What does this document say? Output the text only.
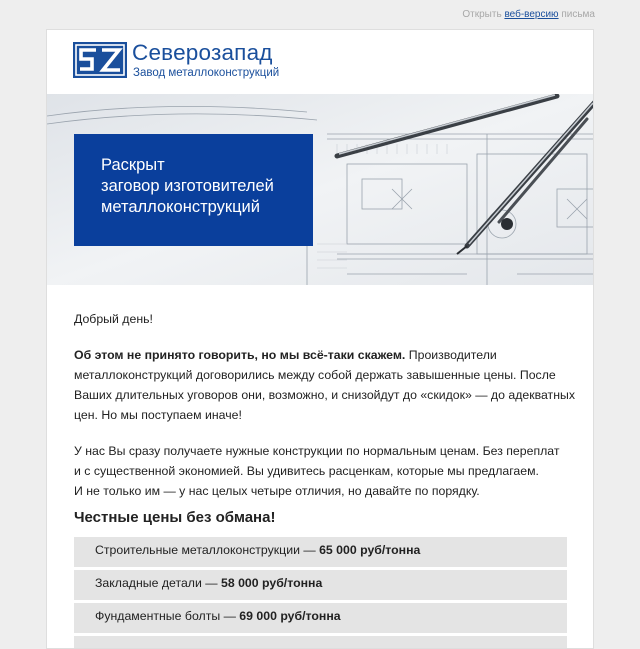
Открыть веб-версию письма
Северозапад
Завод металлоконструкций
Раскрыт
заговор изготовителей
металлоконструкций

Добрый день!

Об этом не принято говорить, но мы всё-таки скажем. Производители
металлоконструкций договорились между собой держать завышенные цены. После
Ваших длительных уговоров они, возможно, и снизойдут до «скидок» — до адекватных
цен. Но мы поступаем иначе!

У нас Вы сразу получаете нужные конструкции по нормальным ценам. Без переплат
и с существенной экономией. Вы удивитесь расценкам, которые мы предлагаем.
И не только им — у нас целых четыре отличия, но давайте по порядку.

Честные цены без обмана!
Строительные металлоконструкции — 65 000 руб/тонна
Закладные детали — 58 000 руб/тонна
Фундаментные болты — 69 000 руб/тонна
